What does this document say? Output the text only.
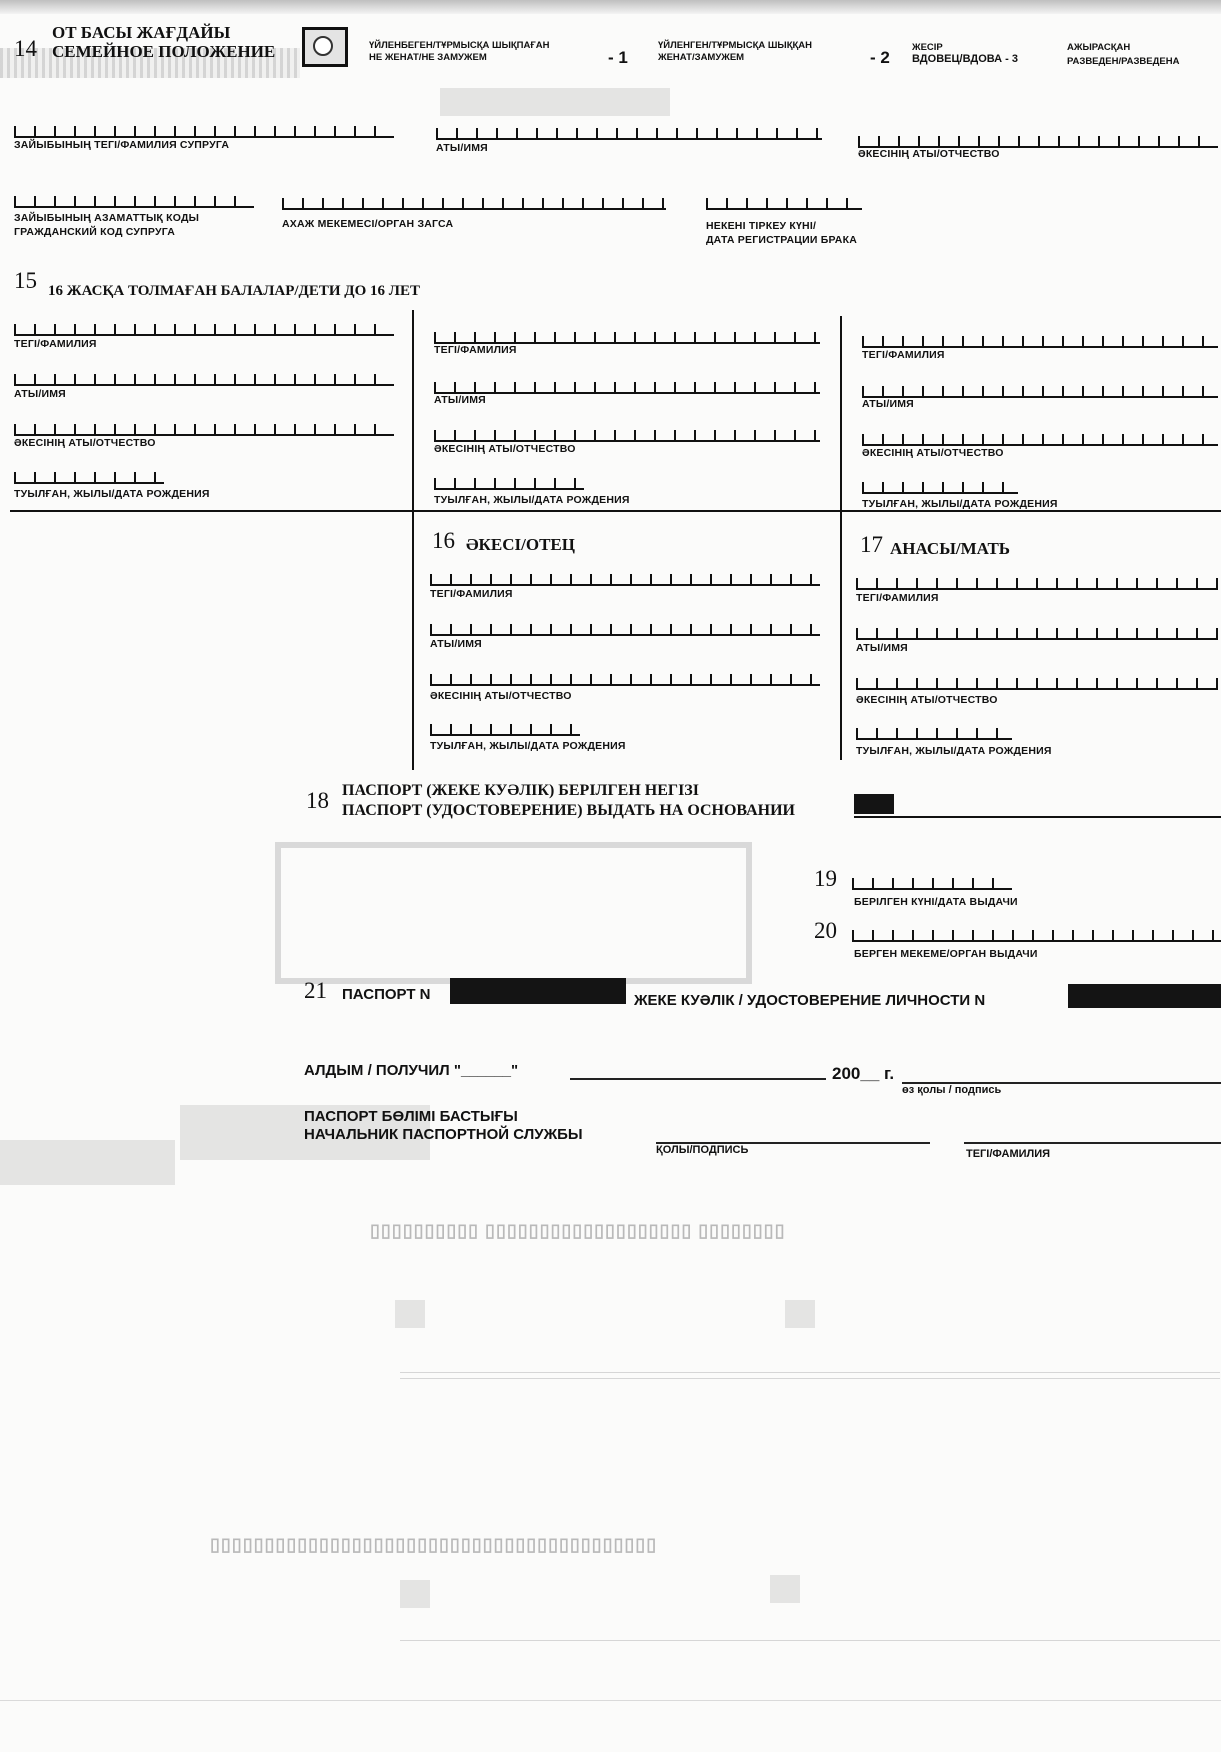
14
ОТ БАСЫ ЖАҒДАЙЫ
СЕМЕЙНОЕ ПОЛОЖЕНИЕ	ҮЙЛЕНБЕГЕН/ТҰРМЫСҚА ШЫҚПАҒАН
НЕ ЖЕНАТ/НЕ ЗАМУЖЕМ	- 1
ҮЙЛЕНГЕН/ТҰРМЫСҚА ШЫҚҚАН
ЖЕНАТ/ЗАМУЖЕМ	- 2
ЖЕСІР
ВДОВЕЦ/ВДОВА - 3
АЖЫРАСҚАН
РАЗВЕДЕН/РАЗВЕДЕНА
ЗАЙЫБЫНЫҢ ТЕГІ/ФАМИЛИЯ СУПРУГА	АТЫ/ИМЯ	ӘКЕСІНІҢ АТЫ/ОТЧЕСТВО
ЗАЙЫБЫНЫҢ АЗАМАТТЫҚ КОДЫ
ГРАЖДАНСКИЙ КОД СУПРУГА
АХАЖ МЕКЕМЕСІ/ОРГАН ЗАГСА	НЕКЕНІ ТІРКЕУ КҮНІ/
ДАТА РЕГИСТРАЦИИ БРАКА
15 16 ЖАСҚА ТОЛМАҒАН БАЛАЛАР/ДЕТИ ДО 16 ЛЕТ
ТЕГІ/ФАМИЛИЯ
АТЫ/ИМЯ
ӘКЕСІНІҢ АТЫ/ОТЧЕСТВО
ТУЫЛҒАН, ЖЫЛЫ/ДАТА РОЖДЕНИЯ
ТЕГІ/ФАМИЛИЯ
АТЫ/ИМЯ
ӘКЕСІНІҢ АТЫ/ОТЧЕСТВО
ТУЫЛҒАН, ЖЫЛЫ/ДАТА РОЖДЕНИЯ
ТЕГІ/ФАМИЛИЯ
АТЫ/ИМЯ
ӘКЕСІНІҢ АТЫ/ОТЧЕСТВО
ТУЫЛҒАН, ЖЫЛЫ/ДАТА РОЖДЕНИЯ
16 ӘКЕСІ/ОТЕЦ
ТЕГІ/ФАМИЛИЯ
АТЫ/ИМЯ
ӘКЕСІНІҢ АТЫ/ОТЧЕСТВО
ТУЫЛҒАН, ЖЫЛЫ/ДАТА РОЖДЕНИЯ
17 АНАСЫ/МАТЬ
ТЕГІ/ФАМИЛИЯ
АТЫ/ИМЯ
ӘКЕСІНІҢ АТЫ/ОТЧЕСТВО
ТУЫЛҒАН, ЖЫЛЫ/ДАТА РОЖДЕНИЯ
18 ПАСПОРТ (ЖЕКЕ КУӘЛІК) БЕРІЛГЕН НЕГІЗІ
ПАСПОРТ (УДОСТОВЕРЕНИЕ) ВЫДАТЬ НА ОСНОВАНИИ
19
БЕРІЛГЕН КҮНІ/ДАТА ВЫДАЧИ
20
БЕРГЕН МЕКЕМЕ/ОРГАН ВЫДАЧИ
21 ПАСПОРТ N	ЖЕКЕ КУӘЛІК / УДОСТОВЕРЕНИЕ ЛИЧНОСТИ N
АЛДЫМ / ПОЛУЧИЛ "______"	200__ г.
өз қолы / подпись
ПАСПОРТ БӨЛІМІ БАСТЫҒЫ
НАЧАЛЬНИК ПАСПОРТНОЙ СЛУЖБЫ
ҚОЛЫ/ПОДПИСЬ	ТЕГІ/ФАМИЛИЯ
▯▯▯▯▯▯▯▯▯▯ ▯▯▯▯▯▯▯▯▯▯▯▯▯▯▯▯▯▯▯ ▯▯▯▯▯▯▯▯
▯▯▯▯▯▯▯▯▯▯▯▯▯▯▯▯▯▯▯▯▯▯▯▯▯▯▯▯▯▯▯▯▯▯▯▯▯▯▯▯▯
